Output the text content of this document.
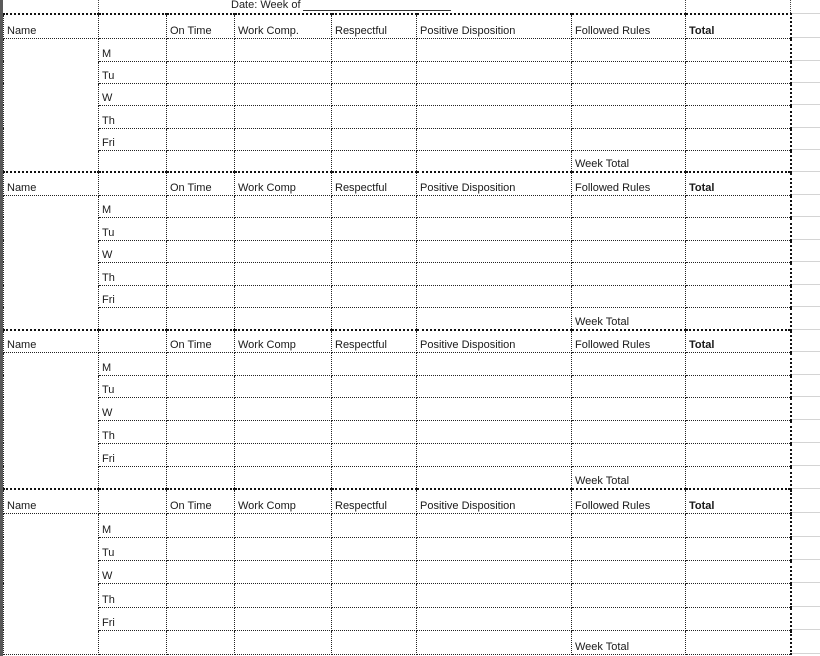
Date: Week of
Name		On Time	Work Comp.	Respectful	Positive Disposition	Followed Rules	Total
	M						
	Tu						
	W						
	Th						
	Fri						
						Week Total	
Name		On Time	Work Comp	Respectful	Positive Disposition	Followed Rules	Total
	M						
	Tu						
	W						
	Th						
	Fri						
						Week Total	
Name		On Time	Work Comp	Respectful	Positive Disposition	Followed Rules	Total
	M						
	Tu						
	W						
	Th						
	Fri						
						Week Total	
Name		On Time	Work Comp	Respectful	Positive Disposition	Followed Rules	Total
	M						
	Tu						
	W						
	Th						
	Fri						
						Week Total	
